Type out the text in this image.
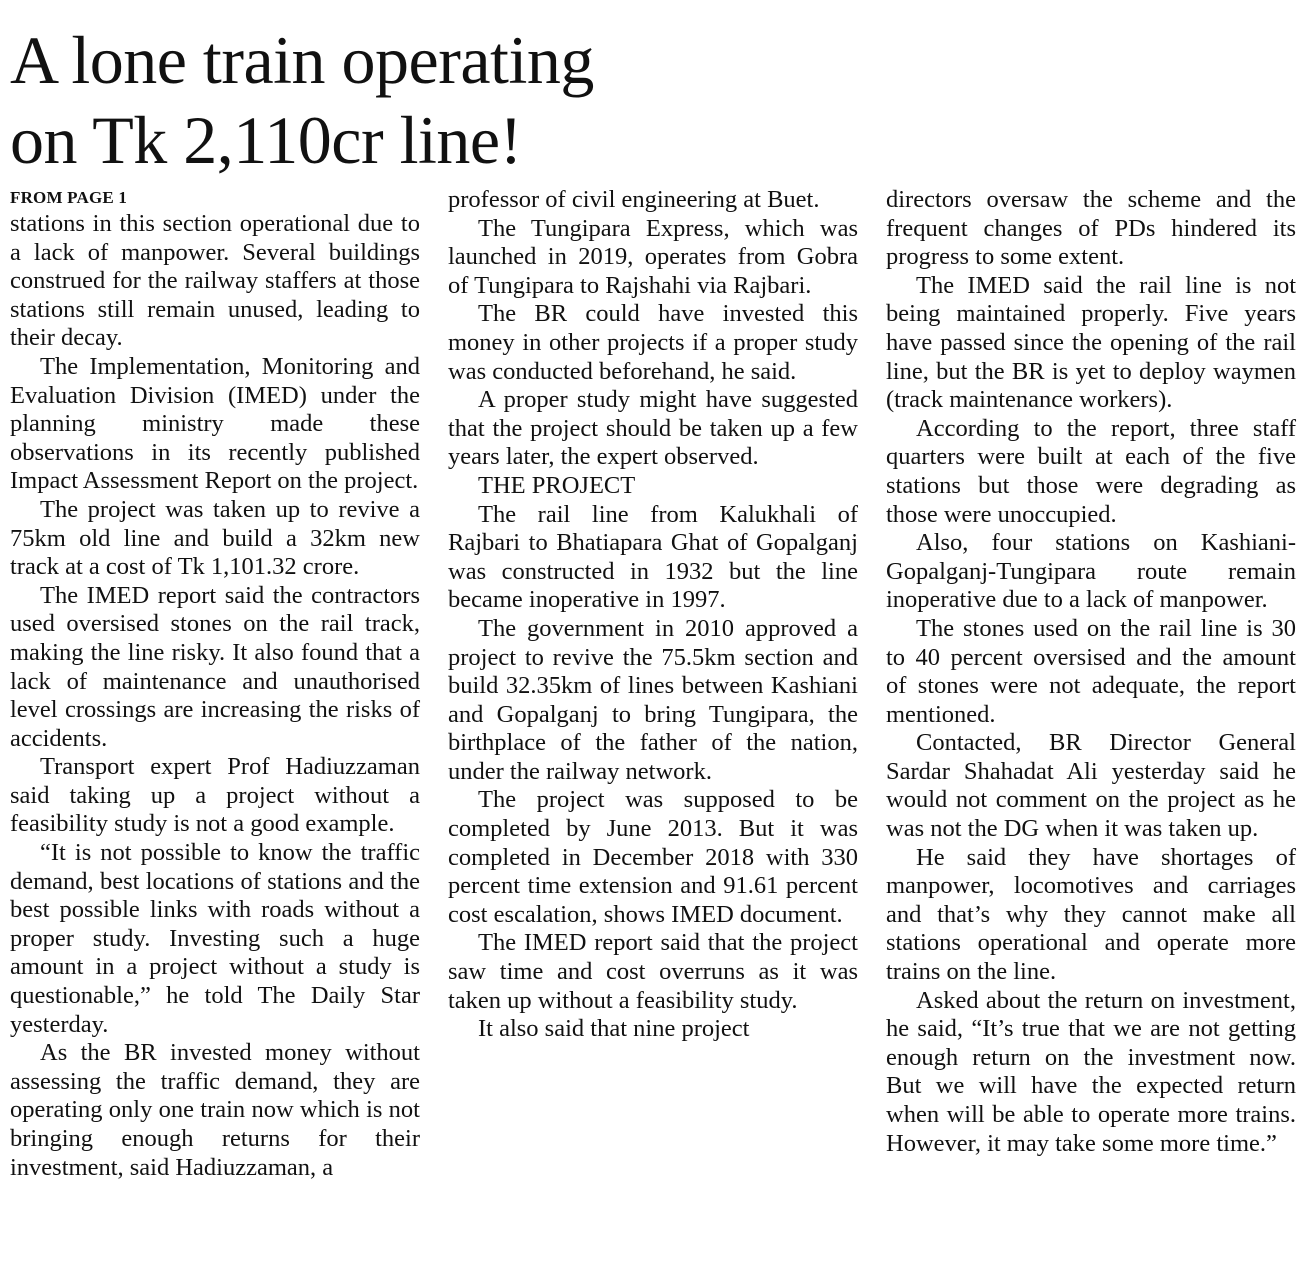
A lone train operating
on Tk 2,110cr line!
FROM PAGE 1

stations in this section operational due to a lack of manpower. Several buildings construed for the railway staffers at those stations still remain unused, leading to their decay.

The Implementation, Monitoring and Evaluation Division (IMED) under the planning ministry made these observations in its recently published Impact Assessment Report on the project.

The project was taken up to revive a 75km old line and build a 32km new track at a cost of Tk 1,101.32 crore.

The IMED report said the contractors used oversised stones on the rail track, making the line risky. It also found that a lack of maintenance and unauthorised level crossings are increasing the risks of accidents.

Transport expert Prof Hadiuzzaman said taking up a project without a feasibility study is not a good example.

“It is not possible to know the traffic demand, best locations of stations and the best possible links with roads without a proper study. Investing such a huge amount in a project without a study is questionable,” he told The Daily Star yesterday.

As the BR invested money without assessing the traffic demand, they are operating only one train now which is not bringing enough returns for their investment, said Hadiuzzaman, a

professor of civil engineering at Buet.

The Tungipara Express, which was launched in 2019, operates from Gobra of Tungipara to Rajshahi via Rajbari.

The BR could have invested this money in other projects if a proper study was conducted beforehand, he said.

A proper study might have suggested that the project should be taken up a few years later, the expert observed.

THE PROJECT

The rail line from Kalukhali of Rajbari to Bhatiapara Ghat of Gopalganj was constructed in 1932 but the line became inoperative in 1997.

The government in 2010 approved a project to revive the 75.5km section and build 32.35km of lines between Kashiani and Gopalganj to bring Tungipara, the birthplace of the father of the nation, under the railway network.

The project was supposed to be completed by June 2013. But it was completed in December 2018 with 330 percent time extension and 91.61 percent cost escalation, shows IMED document.

The IMED report said that the project saw time and cost overruns as it was taken up without a feasibility study.

It also said that nine project

directors oversaw the scheme and the frequent changes of PDs hindered its progress to some extent.

The IMED said the rail line is not being maintained properly. Five years have passed since the opening of the rail line, but the BR is yet to deploy waymen (track maintenance workers).

According to the report, three staff quarters were built at each of the five stations but those were degrading as those were unoccupied.

Also, four stations on Kashiani-Gopalganj-Tungipara route remain inoperative due to a lack of manpower.

The stones used on the rail line is 30 to 40 percent oversised and the amount of stones were not adequate, the report mentioned.

Contacted, BR Director General Sardar Shahadat Ali yesterday said he would not comment on the project as he was not the DG when it was taken up.

He said they have shortages of manpower, locomotives and carriages and that’s why they cannot make all stations operational and operate more trains on the line.

Asked about the return on investment, he said, “It’s true that we are not getting enough return on the investment now. But we will have the expected return when will be able to operate more trains. However, it may take some more time.”
